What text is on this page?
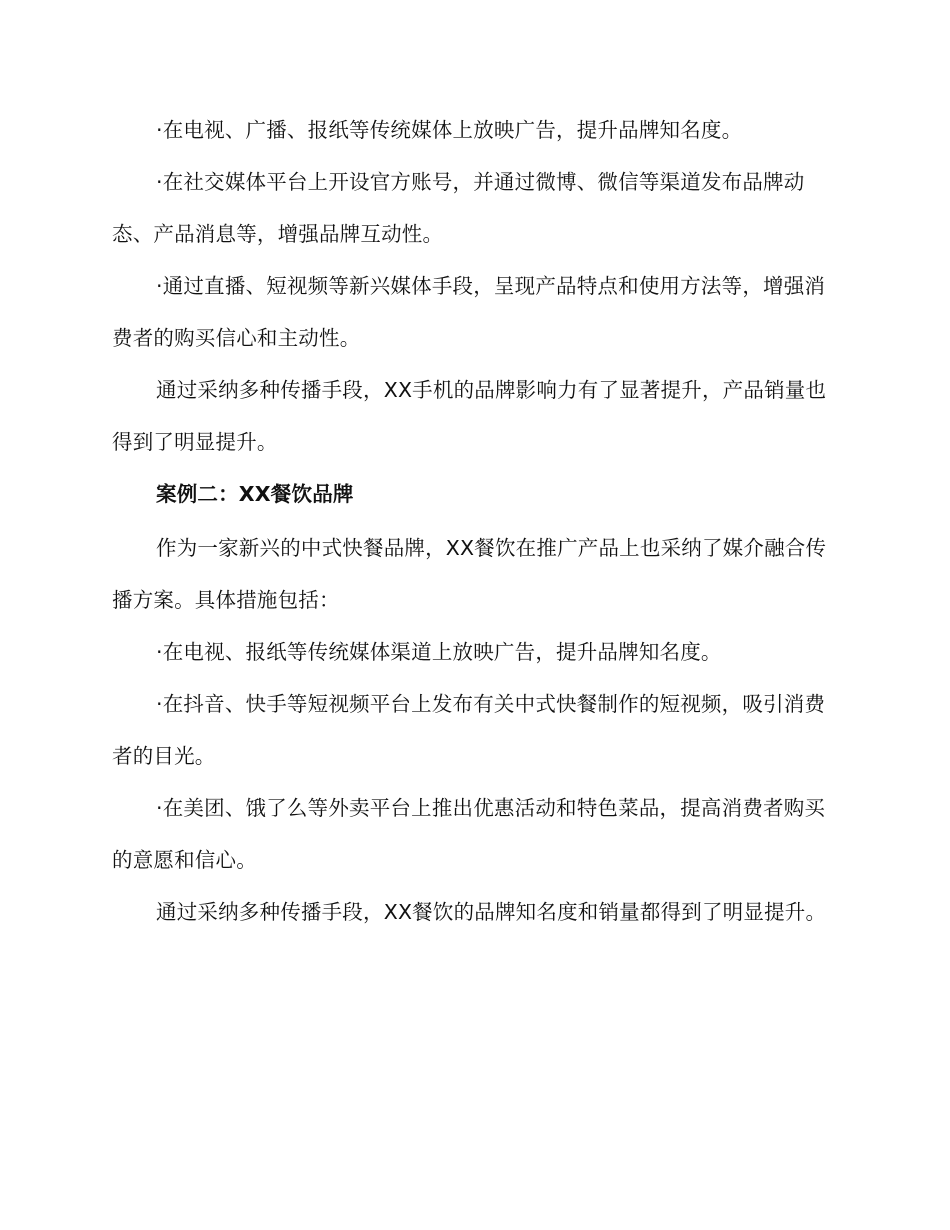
·在电视、广播、报纸等传统媒体上放映广告，提升品牌知名度。

·在社交媒体平台上开设官方账号，并通过微博、微信等渠道发布品牌动态、产品消息等，增强品牌互动性。

·通过直播、短视频等新兴媒体手段，呈现产品特点和使用方法等，增强消费者的购买信心和主动性。

通过采纳多种传播手段，XX手机的品牌影响力有了显著提升，产品销量也得到了明显提升。

案例二：XX餐饮品牌

作为一家新兴的中式快餐品牌，XX餐饮在推广产品上也采纳了媒介融合传播方案。具体措施包括：

·在电视、报纸等传统媒体渠道上放映广告，提升品牌知名度。

·在抖音、快手等短视频平台上发布有关中式快餐制作的短视频，吸引消费者的目光。

·在美团、饿了么等外卖平台上推出优惠活动和特色菜品，提高消费者购买的意愿和信心。

通过采纳多种传播手段，XX餐饮的品牌知名度和销量都得到了明显提升。
